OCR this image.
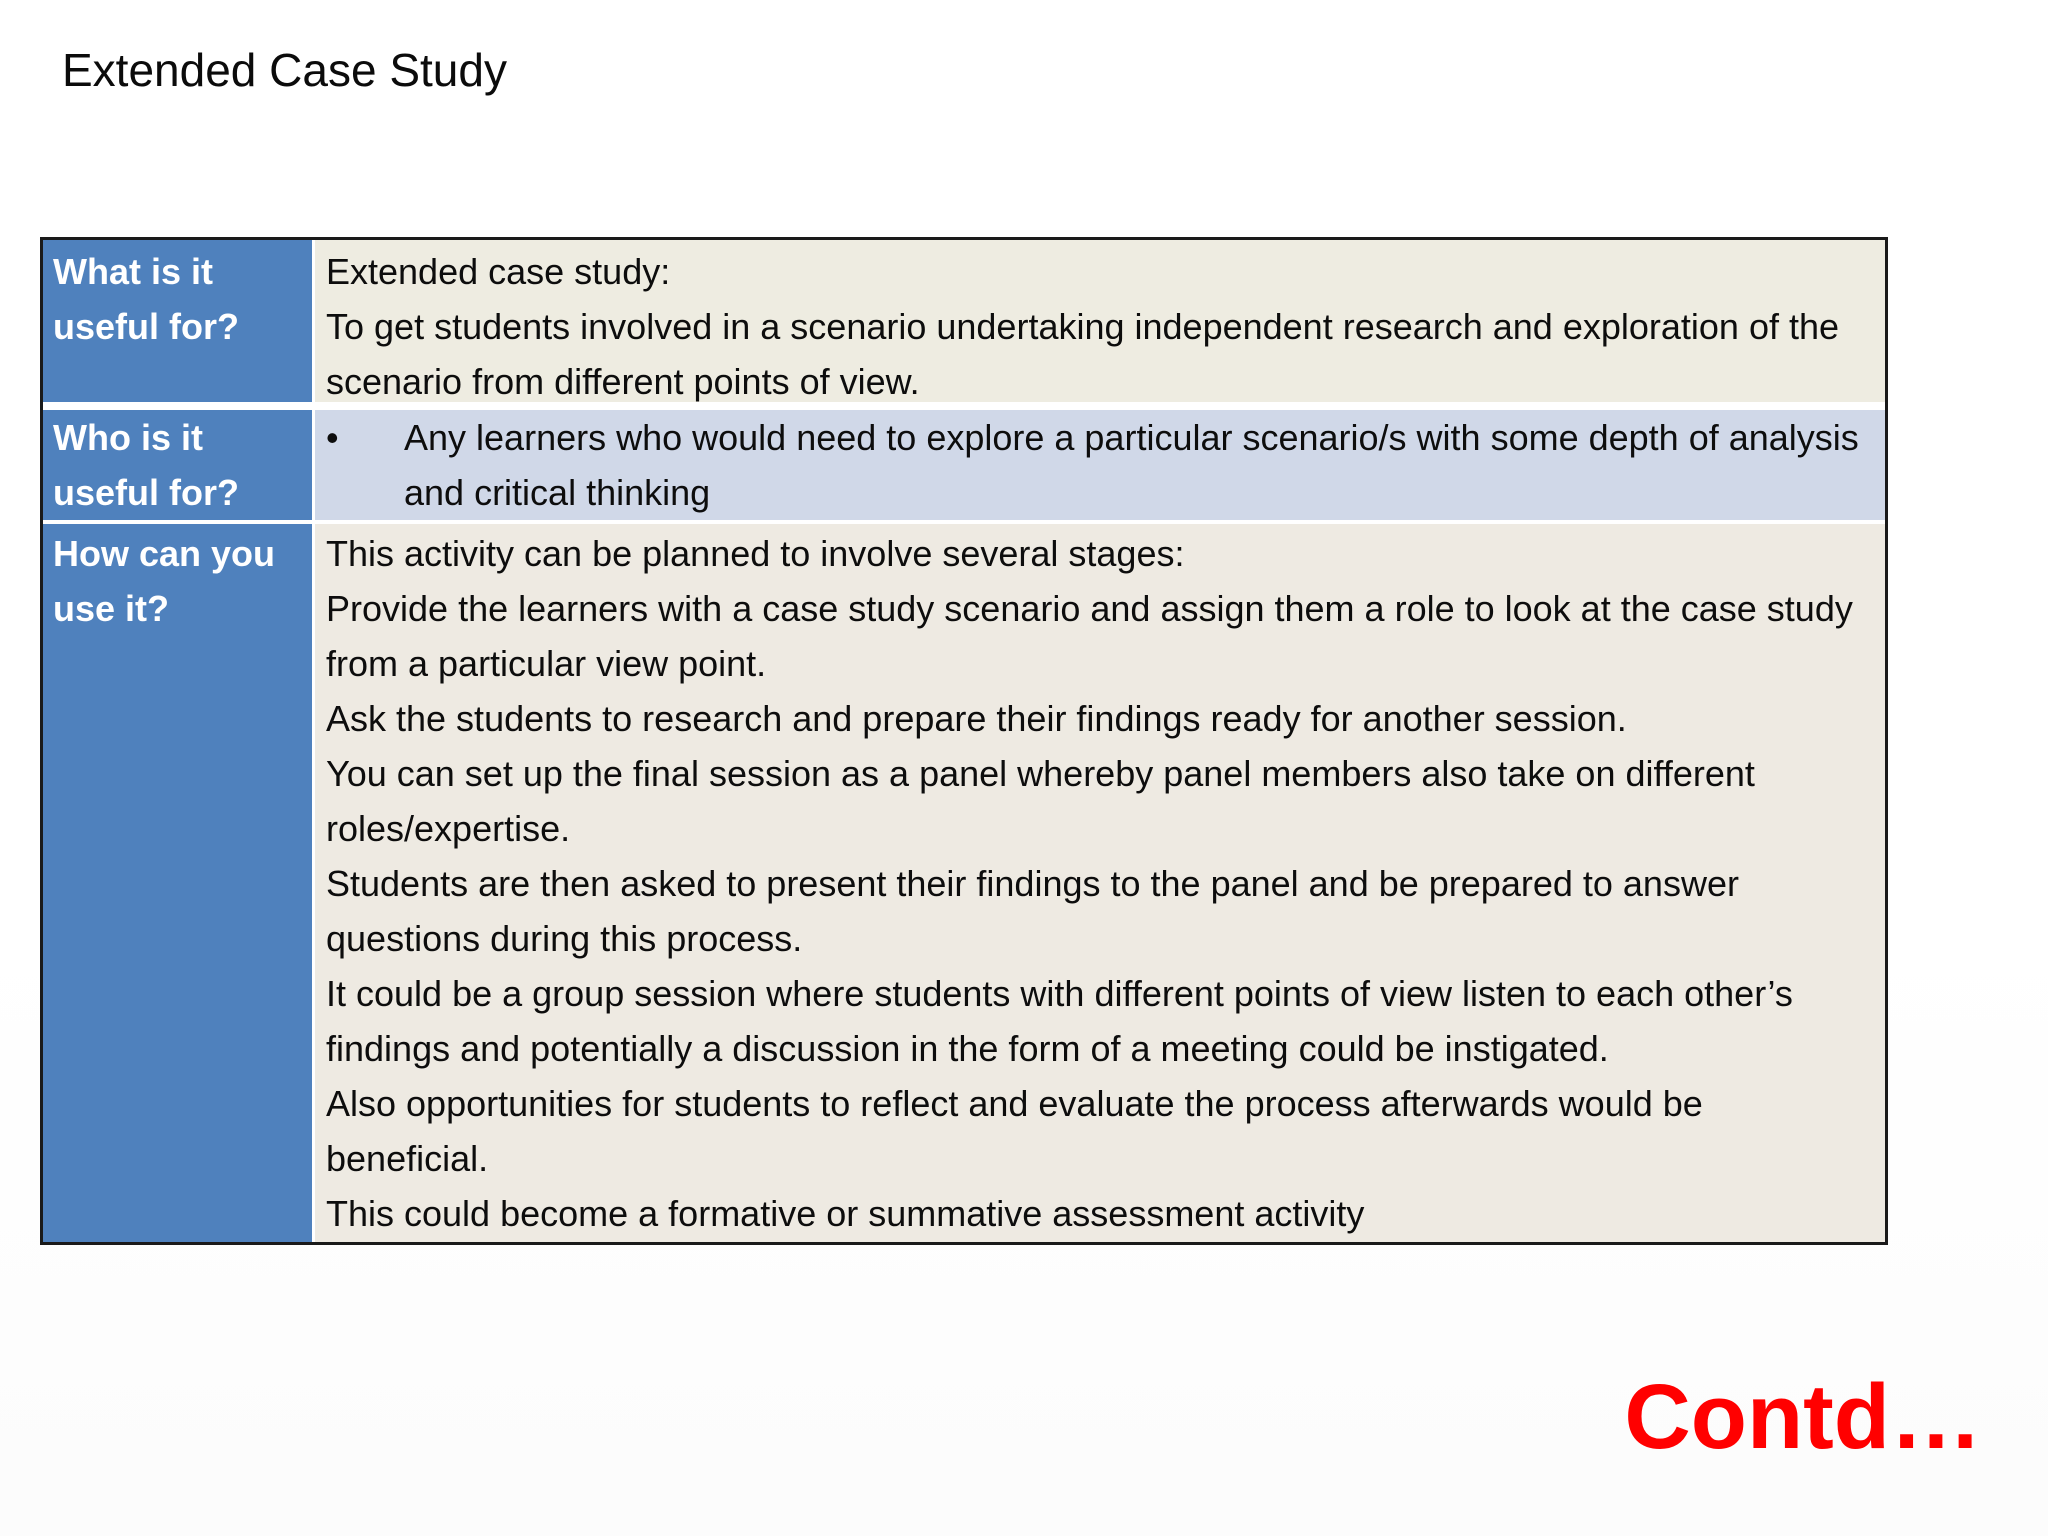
Extended Case Study
What is it useful for?
Extended case study:
To get students involved in a scenario undertaking independent research and exploration of the scenario from different points of view.
Who is it useful for?
•	Any learners who would need to explore a particular scenario/s with some depth of analysis and critical thinking
How can you use it?
This activity can be planned to involve several stages:
Provide the learners with a case study scenario and assign them a role to look at the case study from a particular view point.
Ask the students to research and prepare their findings ready for another session.
You can set up the final session as a panel whereby panel members also take on different roles/expertise.
Students are then asked to present their findings to the panel and be prepared to answer questions during this process.
It could be a group session where students with different points of view listen to each other’s findings and potentially a discussion in the form of a meeting could be instigated.
Also opportunities for students to reflect and evaluate the process afterwards would be beneficial.
This could become a formative or summative assessment activity
Contd…
